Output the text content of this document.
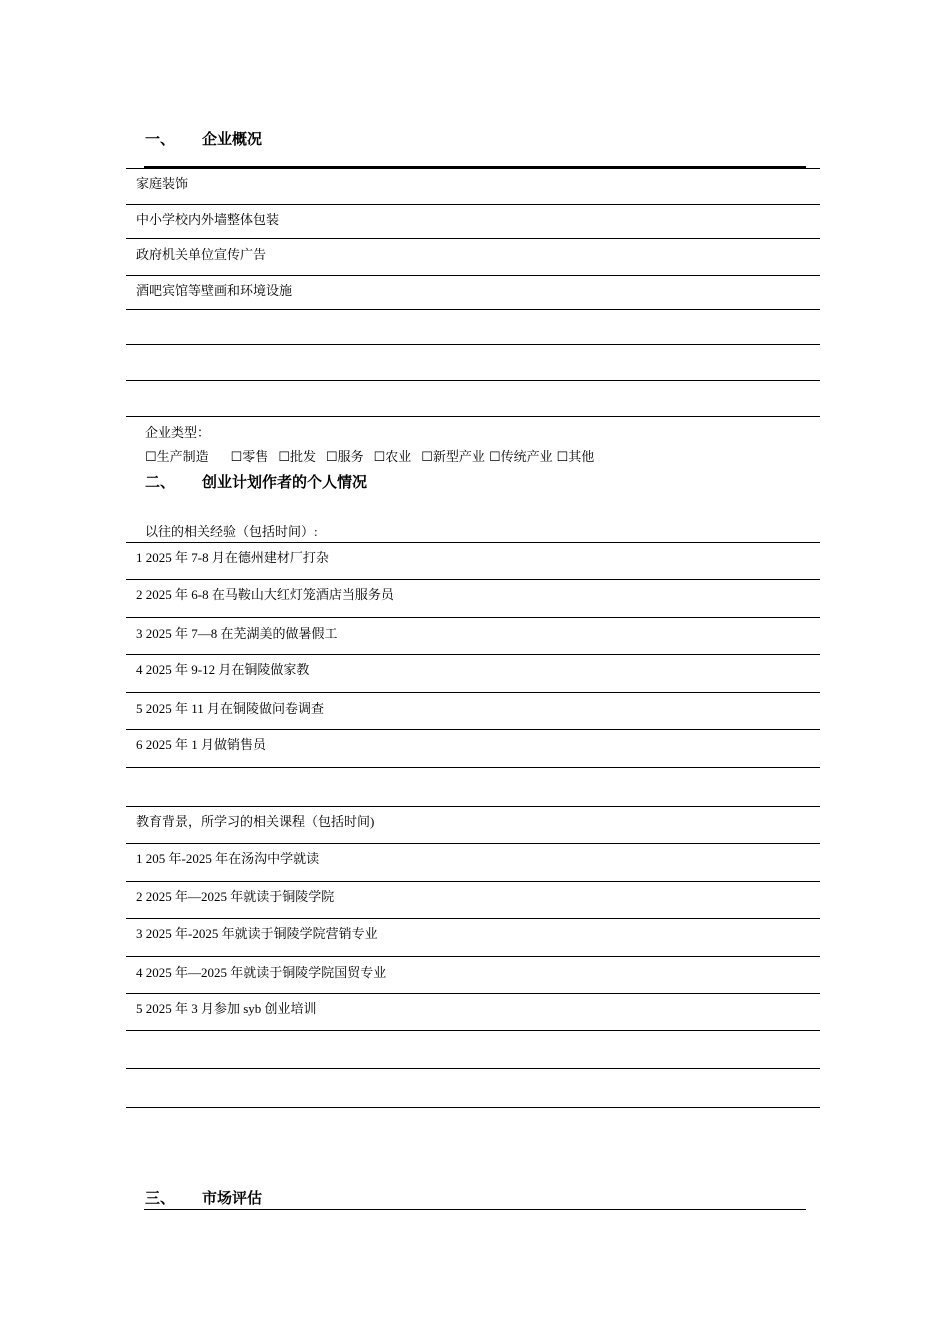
一、 企业概况
家庭装饰
中小学校内外墙整体包装
政府机关单位宣传广告
酒吧宾馆等壁画和环境设施
企业类型：
☐生产制造 ☐零售 ☐批发 ☐服务 ☐农业 ☐新型产业 ☐传统产业 ☐其他
二、 创业计划作者的个人情况
以往的相关经验（包括时间）:
1 2025 年 7-8 月在德州建材厂打杂
2 2025 年 6-8 在马鞍山大红灯笼酒店当服务员
3 2025 年 7—8 在芜湖美的做暑假工
4 2025 年 9-12 月在铜陵做家教
5 2025 年 11 月在铜陵做问卷调查
6 2025 年 1 月做销售员
教育背景，所学习的相关课程（包括时间)
1 205 年-2025 年在汤沟中学就读
2 2025 年—2025 年就读于铜陵学院
3 2025 年-2025 年就读于铜陵学院营销专业
4 2025 年—2025 年就读于铜陵学院国贸专业
5 2025 年 3 月参加 syb 创业培训
三、 市场评估
